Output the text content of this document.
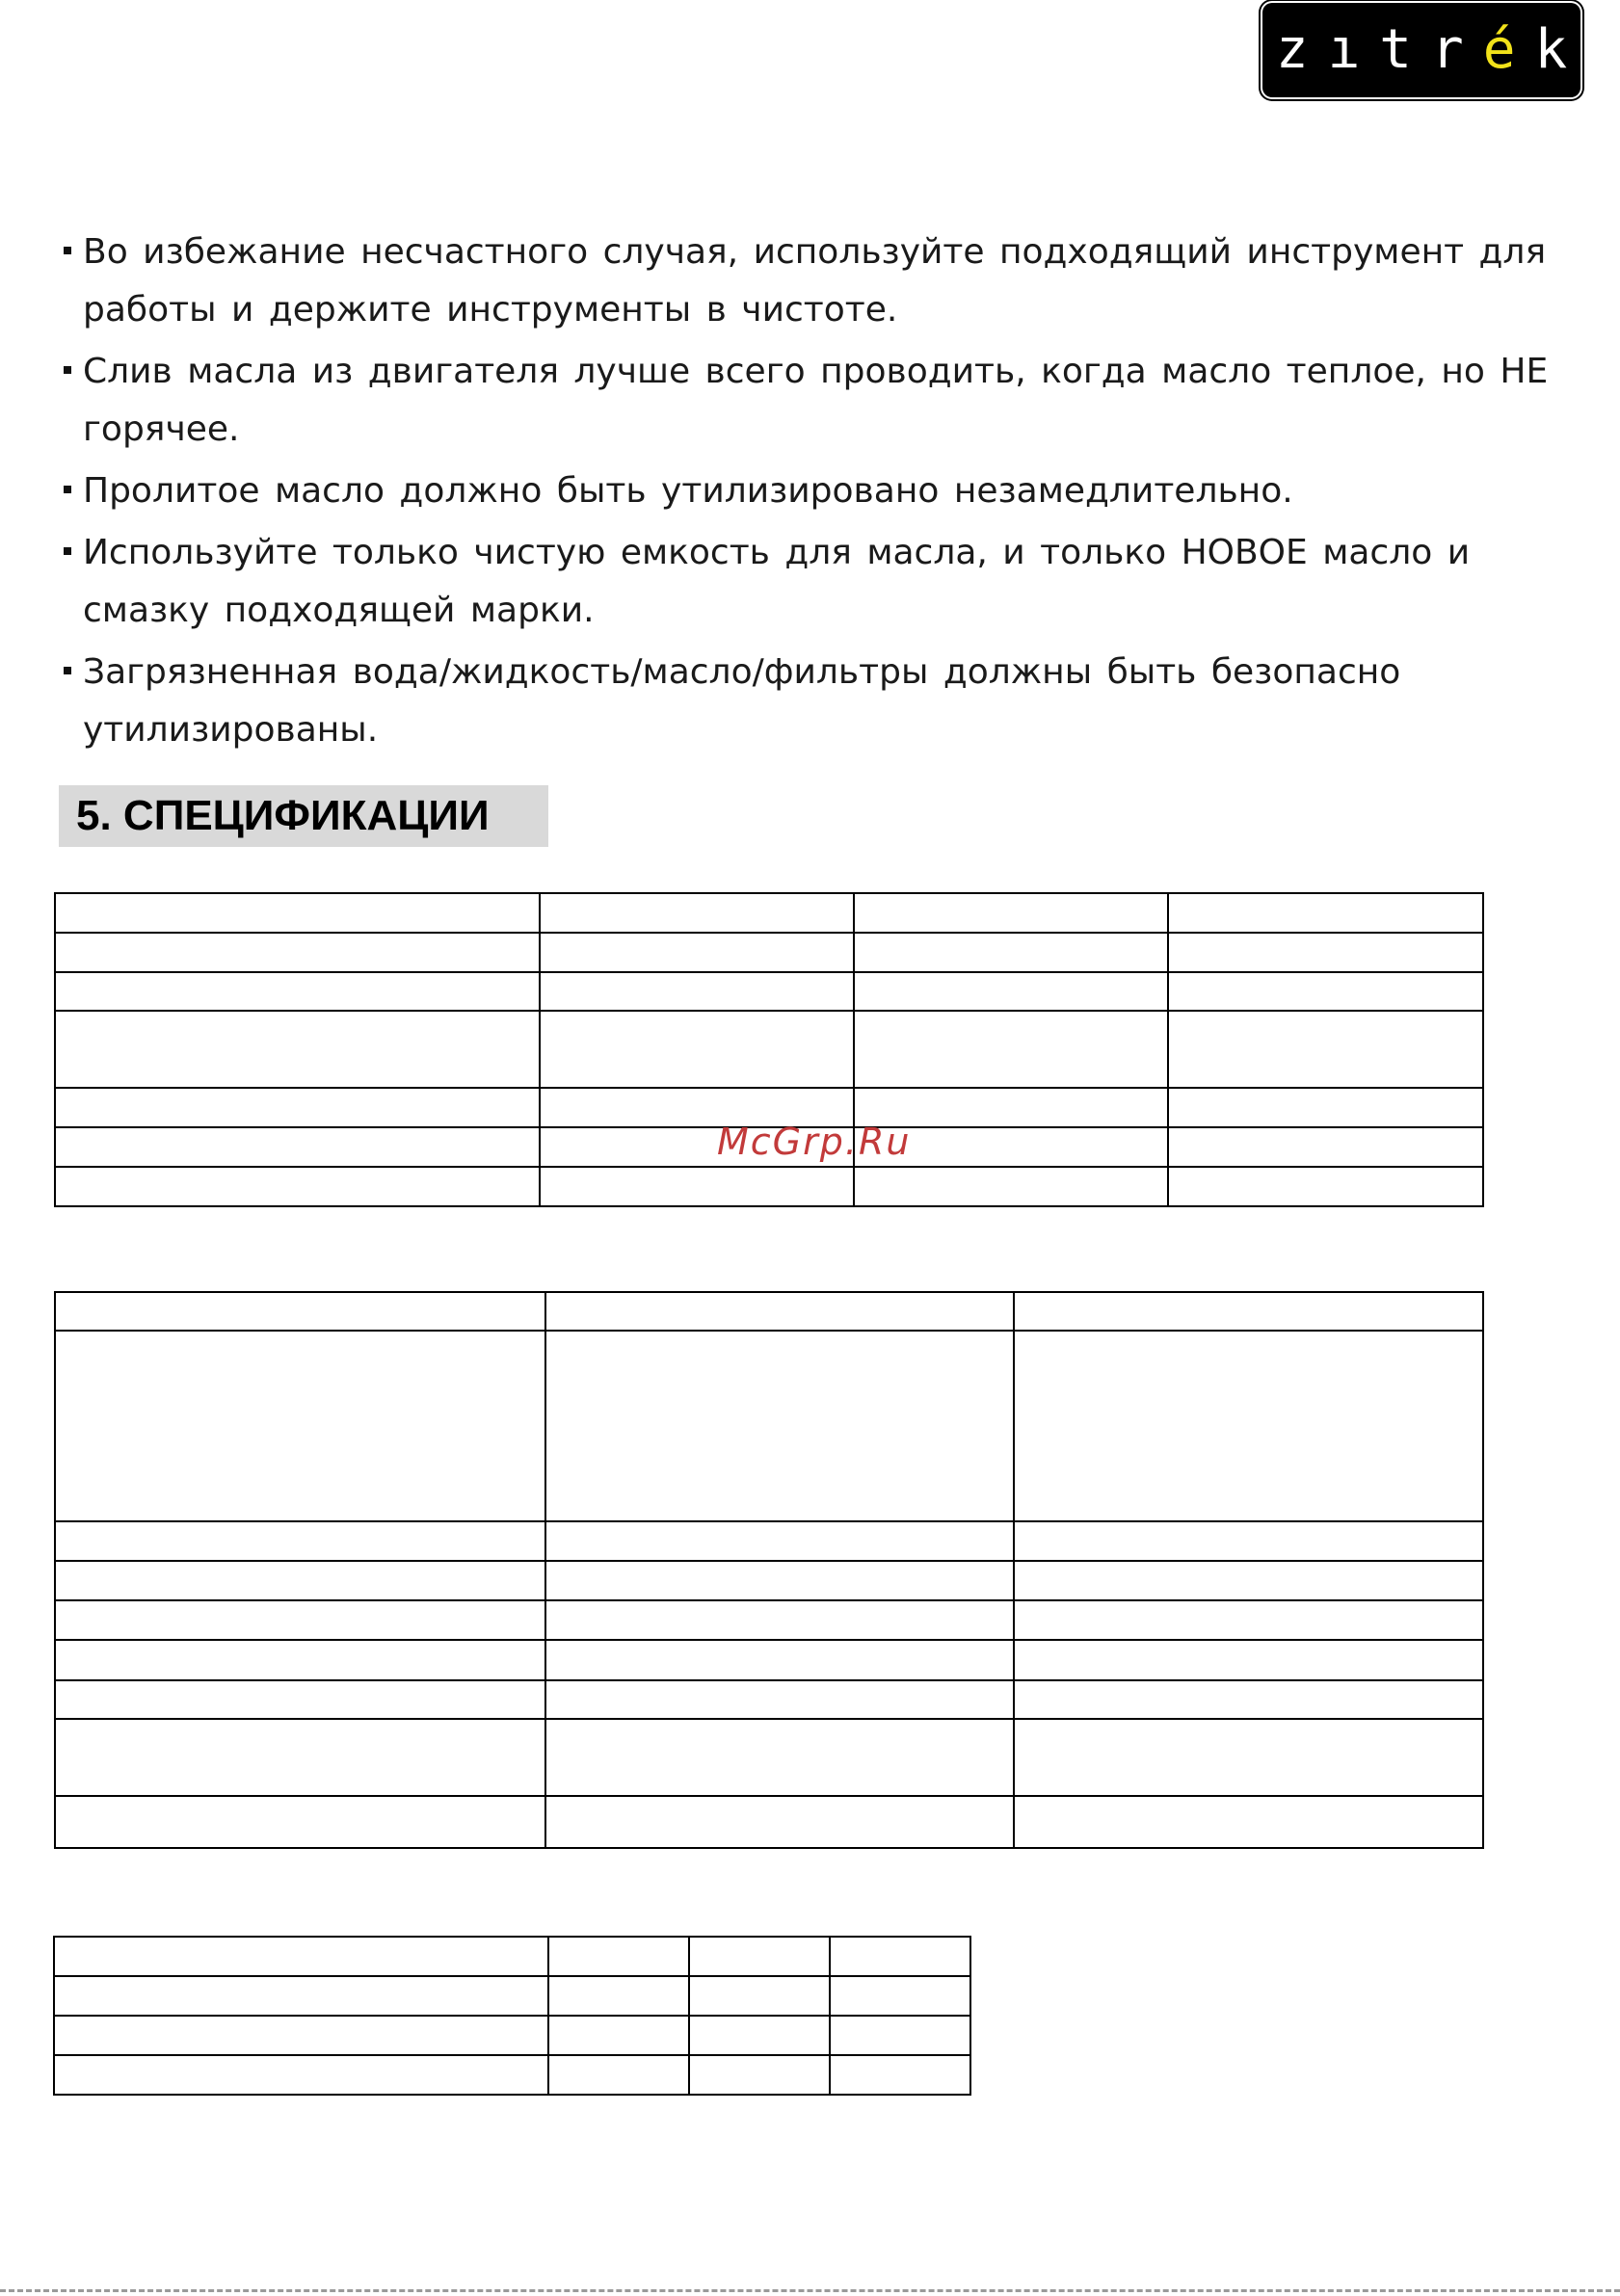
zıtrék
Во избежание несчастного случая, используйте подходящий инструмент для работы и держите инструменты в чистоте.
Слив масла из двигателя лучше всего проводить, когда масло теплое, но НЕ горячее.
Пролитое масло должно быть утилизировано незамедлительно.
Используйте только чистую емкость для масла, и только НОВОЕ масло и смазку подходящей марки.
Загрязненная вода/жидкость/масло/фильтры должны быть безопасно утилизированы.
5. СПЕЦИФИКАЦИИ

McGrp.Ru
